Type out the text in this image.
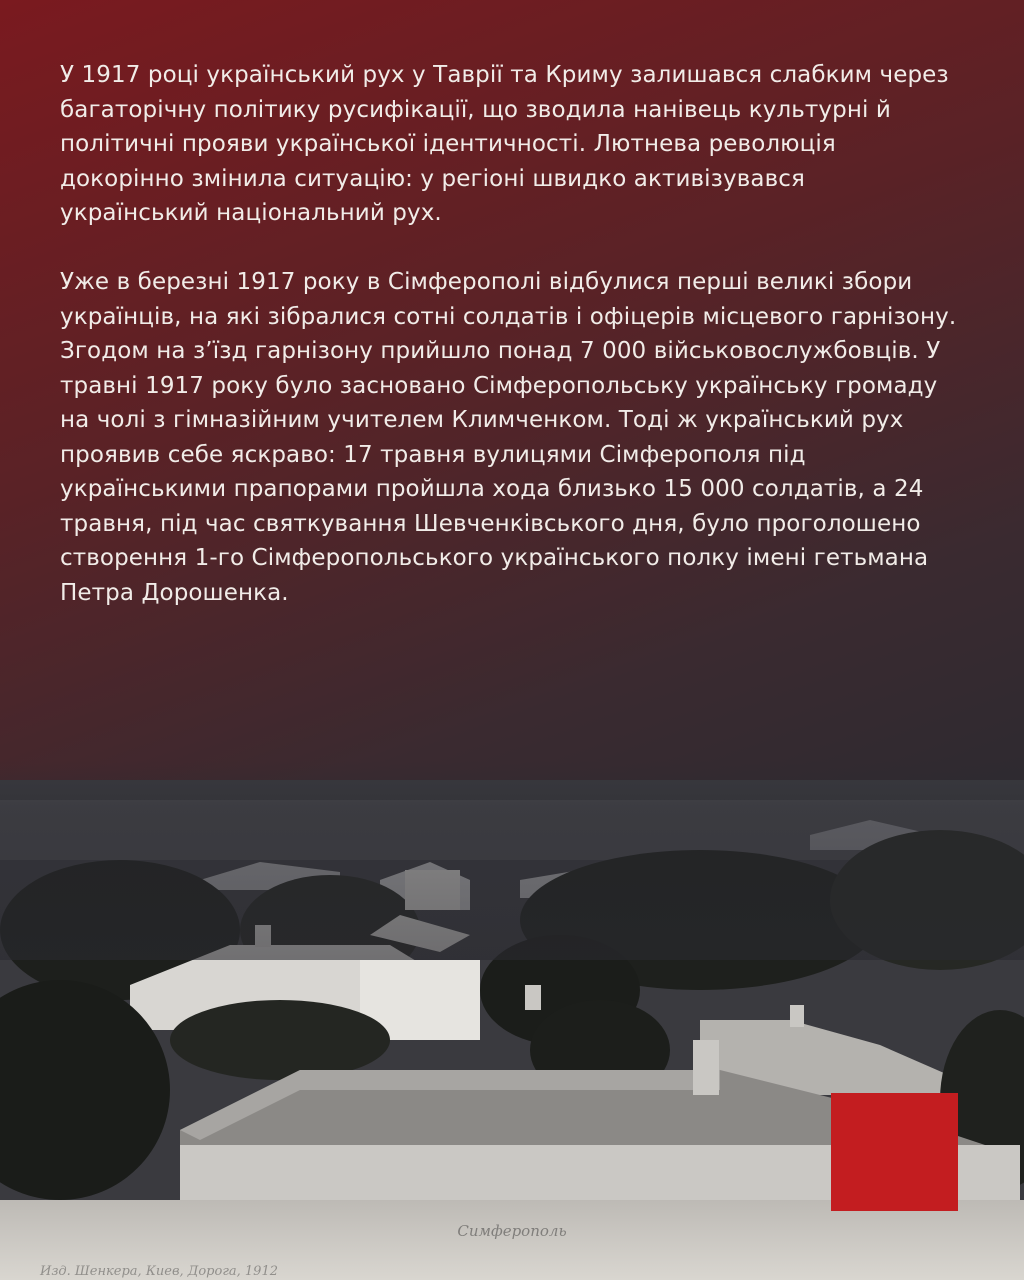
У 1917 році український рух у Таврії та Криму залишався слабким через багаторічну політику русифікації, що зводила нанівець культурні й політичні прояви української ідентичності. Лютнева революція докорінно змінила ситуацію: у регіоні швидко активізувався український національний рух.

Уже в березні 1917 року в Сімферополі відбулися перші великі збори українців, на які зібралися сотні солдатів і офіцерів місцевого гарнізону. Згодом на з’їзд гарнізону прийшло понад 7 000 військовослужбовців. У травні 1917 року було засновано Сімферопольську українську громаду на чолі з гімназійним учителем Климченком. Тоді ж український рух проявив себе яскраво: 17 травня вулицями Сімферополя під українськими прапорами пройшла хода близько 15 000 солдатів, а 24 травня, під час святкування Шевченківського дня, було проголошено створення 1-го Сімферопольського українського полку імені гетьмана Петра Дорошенка.

Симферополь
Изд. Шенкера, Киев, Дорога, 1912
